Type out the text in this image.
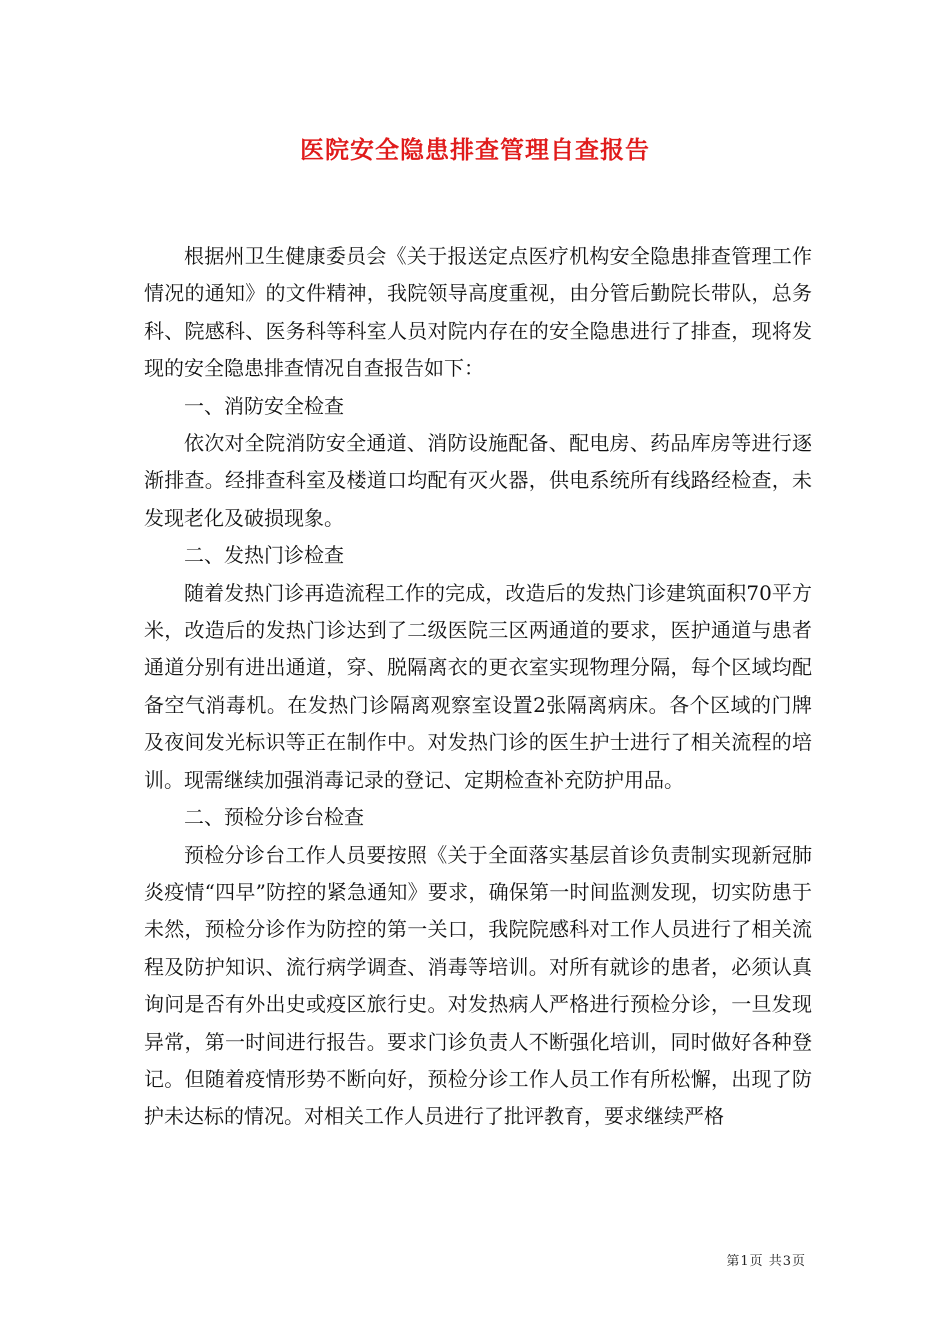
医院安全隐患排查管理自查报告

根据州卫生健康委员会《关于报送定点医疗机构安全隐患排查管理工作情况的通知》的文件精神，我院领导高度重视，由分管后勤院长带队，总务科、院感科、医务科等科室人员对院内存在的安全隐患进行了排查，现将发现的安全隐患排查情况自查报告如下：

一、消防安全检查

依次对全院消防安全通道、消防设施配备、配电房、药品库房等进行逐渐排查。经排查科室及楼道口均配有灭火器，供电系统所有线路经检查，未发现老化及破损现象。

二、发热门诊检查

随着发热门诊再造流程工作的完成，改造后的发热门诊建筑面积70平方米，改造后的发热门诊达到了二级医院三区两通道的要求，医护通道与患者通道分别有进出通道，穿、脱隔离衣的更衣室实现物理分隔，每个区域均配备空气消毒机。在发热门诊隔离观察室设置2张隔离病床。各个区域的门牌及夜间发光标识等正在制作中。对发热门诊的医生护士进行了相关流程的培训。现需继续加强消毒记录的登记、定期检查补充防护用品。

二、预检分诊台检查

预检分诊台工作人员要按照《关于全面落实基层首诊负责制实现新冠肺炎疫情“四早”防控的紧急通知》要求，确保第一时间监测发现，切实防患于未然，预检分诊作为防控的第一关口，我院院感科对工作人员进行了相关流程及防护知识、流行病学调查、消毒等培训。对所有就诊的患者，必须认真询问是否有外出史或疫区旅行史。对发热病人严格进行预检分诊，一旦发现异常，第一时间进行报告。要求门诊负责人不断强化培训，同时做好各种登记。但随着疫情形势不断向好，预检分诊工作人员工作有所松懈，出现了防护未达标的情况。对相关工作人员进行了批评教育，要求继续严格

第1页 共3页
